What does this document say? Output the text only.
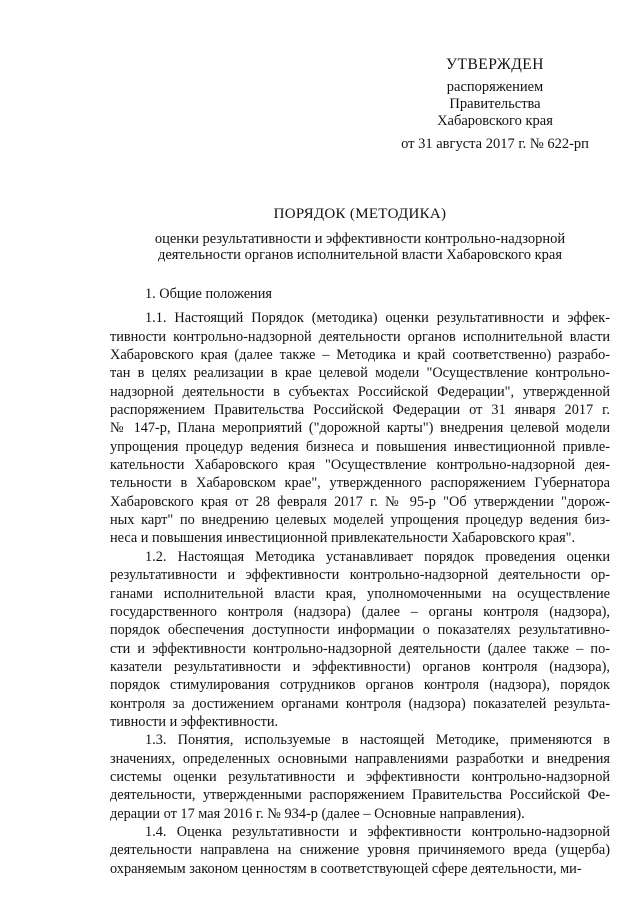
УТВЕРЖДЕН
распоряжением
Правительства
Хабаровского края
от 31 августа 2017 г. № 622-рп
ПОРЯДОК (МЕТОДИКА)
оценки результативности и эффективности контрольно-надзорной
деятельности органов исполнительной власти Хабаровского края
1. Общие положения
1.1. Настоящий Порядок (методика) оценки результативности и эффек-
тивности контрольно-надзорной деятельности органов исполнительной власти
Хабаровского края (далее также – Методика и край соответственно) разрабо-
тан в целях реализации в крае целевой модели "Осуществление контрольно-
надзорной деятельности в субъектах Российской Федерации", утвержденной
распоряжением Правительства Российской Федерации от 31 января 2017 г.
№ 147-р, Плана мероприятий ("дорожной карты") внедрения целевой модели
упрощения процедур ведения бизнеса и повышения инвестиционной привле-
кательности Хабаровского края "Осуществление контрольно-надзорной дея-
тельности в Хабаровском крае", утвержденного распоряжением Губернатора
Хабаровского края от 28 февраля 2017 г. № 95-р "Об утверждении "дорож-
ных карт" по внедрению целевых моделей упрощения процедур ведения биз-
неса и повышения инвестиционной привлекательности Хабаровского края".
1.2. Настоящая Методика устанавливает порядок проведения оценки
результативности и эффективности контрольно-надзорной деятельности ор-
ганами исполнительной власти края, уполномоченными на осуществление
государственного контроля (надзора) (далее – органы контроля (надзора),
порядок обеспечения доступности информации о показателях результативно-
сти и эффективности контрольно-надзорной деятельности (далее также – по-
казатели результативности и эффективности) органов контроля (надзора),
порядок стимулирования сотрудников органов контроля (надзора), порядок
контроля за достижением органами контроля (надзора) показателей результа-
тивности и эффективности.
1.3. Понятия, используемые в настоящей Методике, применяются в
значениях, определенных основными направлениями разработки и внедрения
системы оценки результативности и эффективности контрольно-надзорной
деятельности, утвержденными распоряжением Правительства Российской Фе-
дерации от 17 мая 2016 г. № 934-р (далее – Основные направления).
1.4. Оценка результативности и эффективности контрольно-надзорной
деятельности направлена на снижение уровня причиняемого вреда (ущерба)
охраняемым законом ценностям в соответствующей сфере деятельности, ми-
